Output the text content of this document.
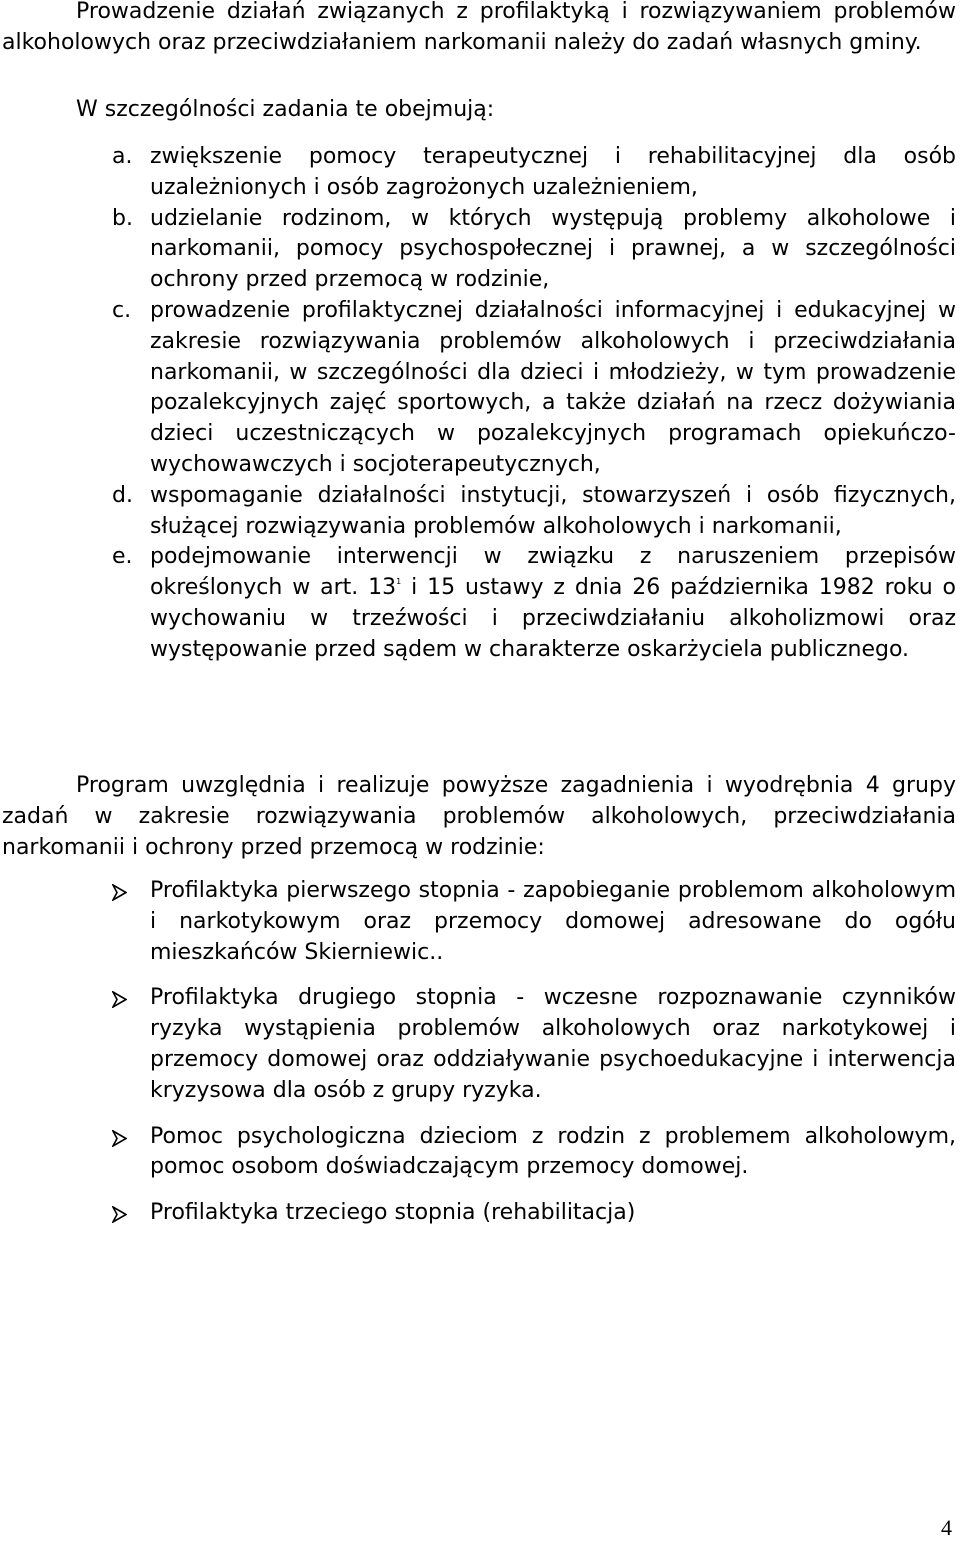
Prowadzenie działań związanych z profilaktyką i rozwiązywaniem problemów alkoholowych oraz przeciwdziałaniem narkomanii należy do zadań własnych gminy.

W szczególności zadania te obejmują:

a. zwiększenie pomocy terapeutycznej i rehabilitacyjnej dla osób uzależnionych i osób zagrożonych uzależnieniem,
b. udzielanie rodzinom, w których występują problemy alkoholowe i narkomanii, pomocy psychospołecznej i prawnej, a w szczególności ochrony przed przemocą w rodzinie,
c. prowadzenie profilaktycznej działalności informacyjnej i edukacyjnej w zakresie rozwiązywania problemów alkoholowych i przeciwdziałania narkomanii, w szczególności dla dzieci i młodzieży, w tym prowadzenie pozalekcyjnych zajęć sportowych, a także działań na rzecz dożywiania dzieci uczestniczących w pozalekcyjnych programach opiekuńczo-wychowawczych i socjoterapeutycznych,
d. wspomaganie działalności instytucji, stowarzyszeń i osób fizycznych, służącej rozwiązywania problemów alkoholowych i narkomanii,
e. podejmowanie interwencji w związku z naruszeniem przepisów określonych w art. $13^1$ i 15 ustawy z dnia 26 października 1982 roku o wychowaniu w trzeźwości i przeciwdziałaniu alkoholizmowi oraz występowanie przed sądem w charakterze oskarżyciela publicznego.

Program uwzględnia i realizuje powyższe zagadnienia i wyodrębnia 4 grupy zadań w zakresie rozwiązywania problemów alkoholowych, przeciwdziałania narkomanii i ochrony przed przemocą w rodzinie:

Profilaktyka pierwszego stopnia - zapobieganie problemom alkoholowym i narkotykowym oraz przemocy domowej adresowane do ogółu mieszkańców Skierniewic..
Profilaktyka drugiego stopnia - wczesne rozpoznawanie czynników ryzyka wystąpienia problemów alkoholowych oraz narkotykowej i przemocy domowej oraz oddziaływanie psychoedukacyjne i interwencja kryzysowa dla osób z grupy ryzyka.
Pomoc psychologiczna dzieciom z rodzin z problemem alkoholowym, pomoc osobom doświadczającym przemocy domowej.
Profilaktyka trzeciego stopnia (rehabilitacja)
4
